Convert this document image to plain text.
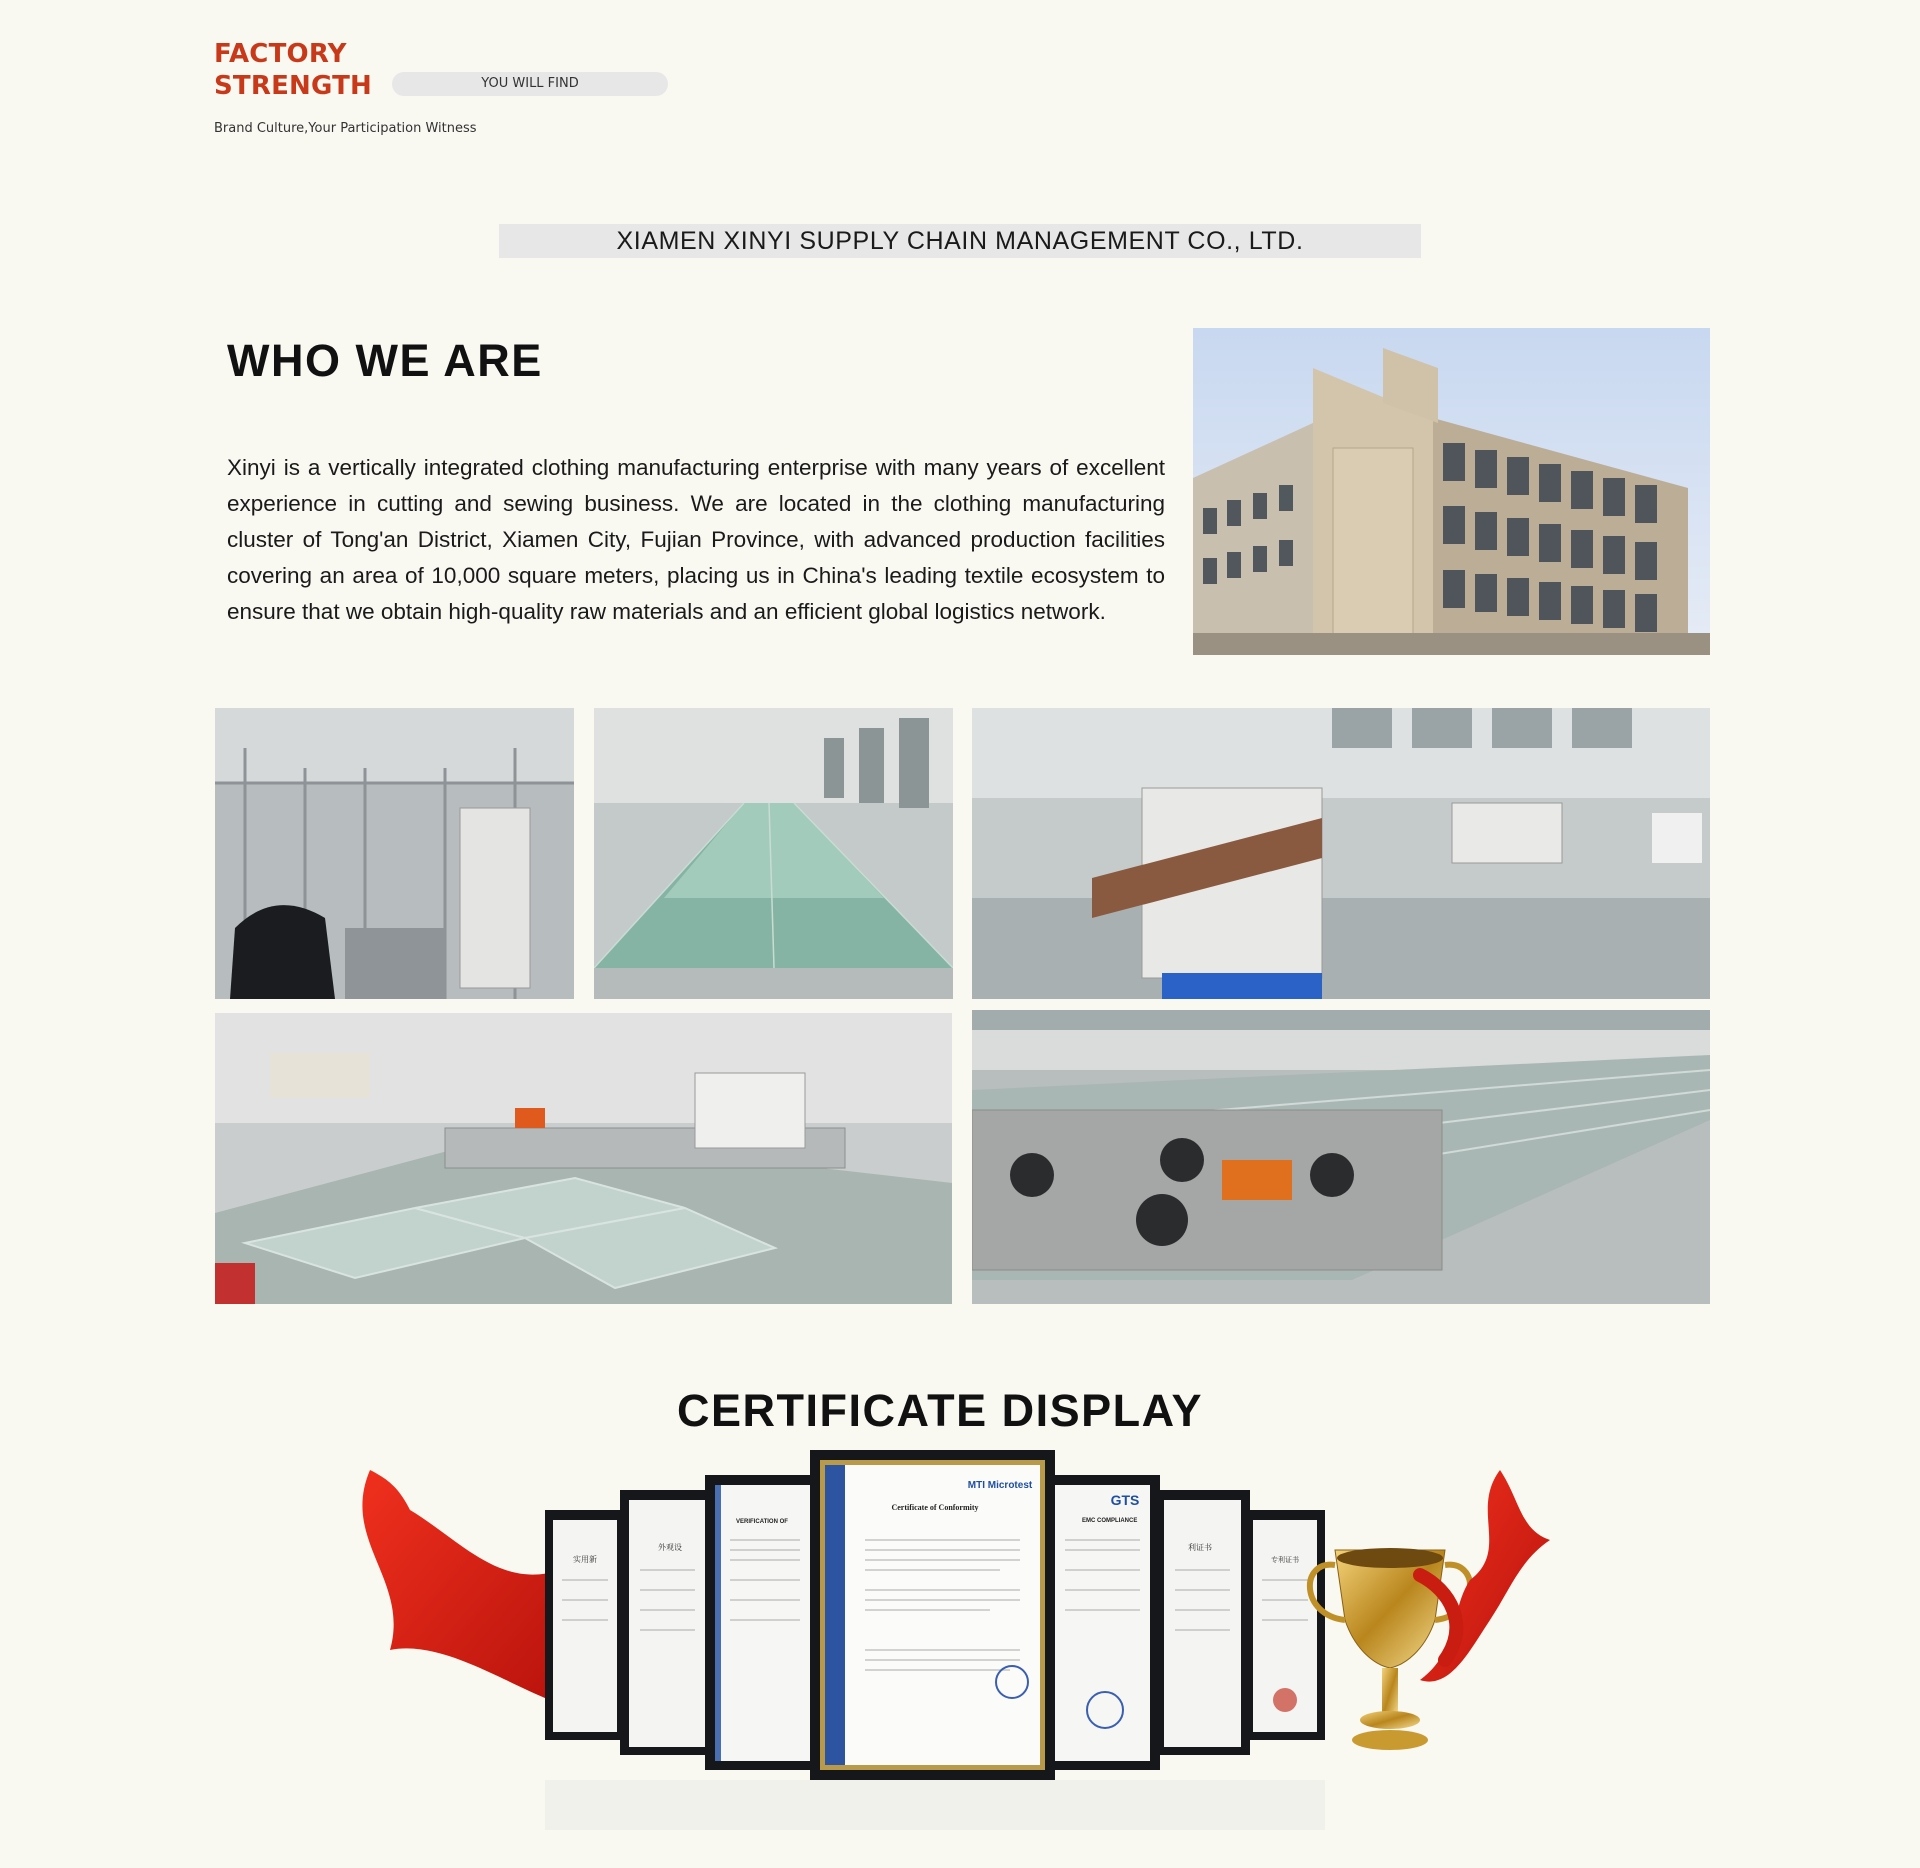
FACTORY
STRENGTH	YOU WILL FIND
Brand Culture,Your Participation Witness
XIAMEN XINYI SUPPLY CHAIN MANAGEMENT CO., LTD.
WHO WE ARE
Xinyi is a vertically integrated clothing manufacturing enterprise with many years of excellent experience in cutting and sewing business. We are located in the clothing manufacturing cluster of Tong'an District, Xiamen City, Fujian Province, with advanced production facilities covering an area of 10,000 square meters, placing us in China's leading textile ecosystem to ensure that we obtain high-quality raw materials and an efficient global logistics network.
CERTIFICATE DISPLAY
MTI Microtest
Certificate of Conformity	GTS
EMC COMPLIANCE
VERIFICATION OF
实用新
外观设	利证书
专利证书
